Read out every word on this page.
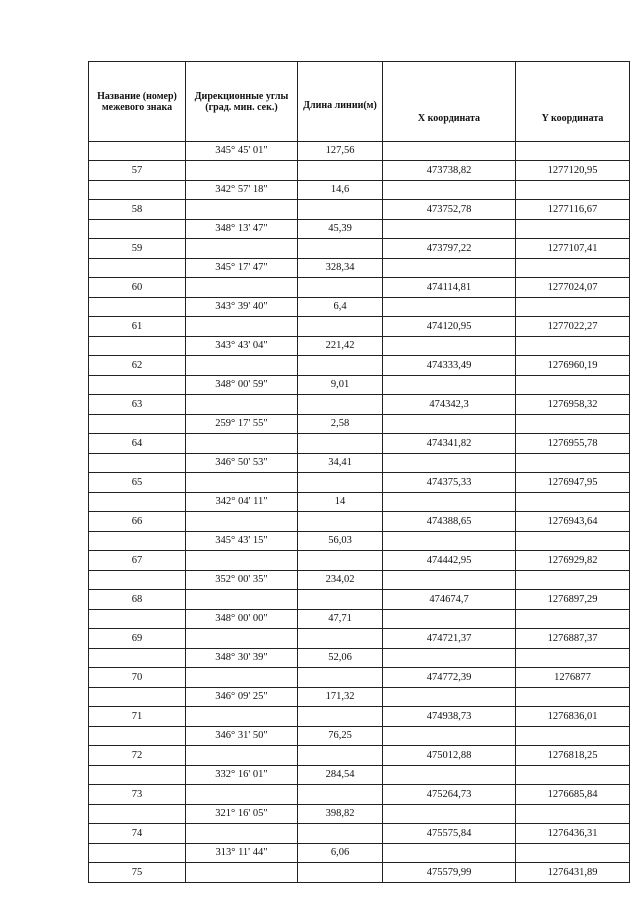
Название (номер) межевого знака	Дирекционные углы (град. мин. сек.)	Длина линии(м)	X координата	Y координата
	345° 45' 01"	127,56		
57			473738,82	1277120,95
	342° 57' 18"	14,6		
58			473752,78	1277116,67
	348° 13' 47"	45,39		
59			473797,22	1277107,41
	345° 17' 47"	328,34		
60			474114,81	1277024,07
	343° 39' 40"	6,4		
61			474120,95	1277022,27
	343° 43' 04"	221,42		
62			474333,49	1276960,19
	348° 00' 59"	9,01		
63			474342,3	1276958,32
	259° 17' 55"	2,58		
64			474341,82	1276955,78
	346° 50' 53"	34,41		
65			474375,33	1276947,95
	342° 04' 11"	14		
66			474388,65	1276943,64
	345° 43' 15"	56,03		
67			474442,95	1276929,82
	352° 00' 35"	234,02		
68			474674,7	1276897,29
	348° 00' 00"	47,71		
69			474721,37	1276887,37
	348° 30' 39"	52,06		
70			474772,39	1276877
	346° 09' 25"	171,32		
71			474938,73	1276836,01
	346° 31' 50"	76,25		
72			475012,88	1276818,25
	332° 16' 01"	284,54		
73			475264,73	1276685,84
	321° 16' 05"	398,82		
74			475575,84	1276436,31
	313° 11' 44"	6,06		
75			475579,99	1276431,89
